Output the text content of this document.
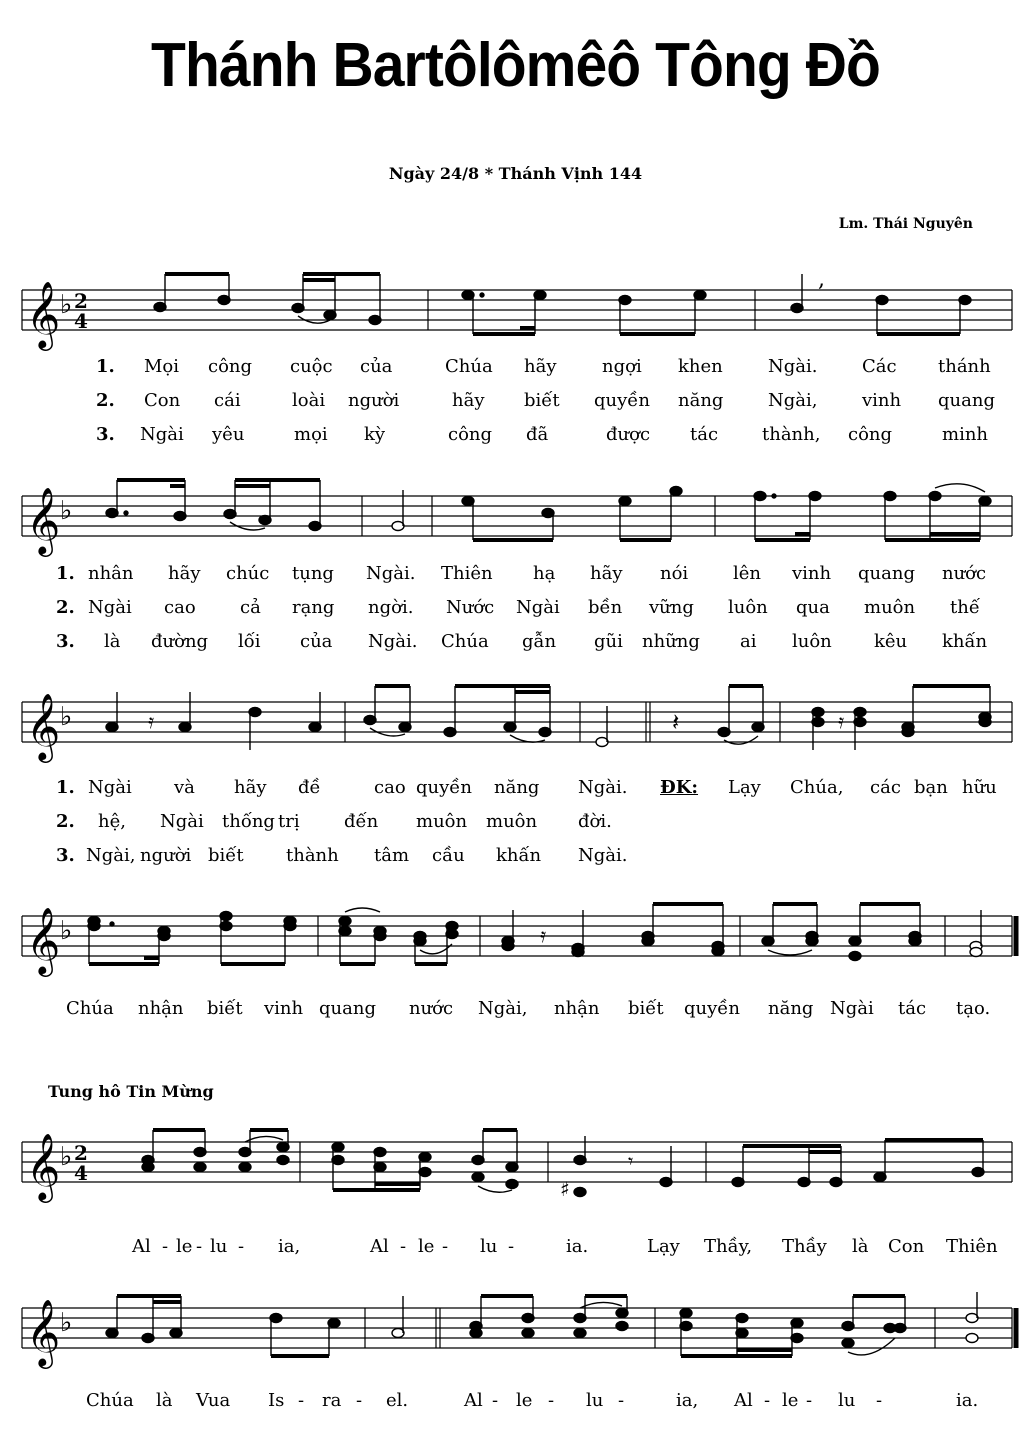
Thánh Bartôlômêô Tông Đồ
Ngày 24/8 * Thánh Vịnh 144
Lm. Thái Nguyên
𝄞 ♭ 2
4
,
1. Mọi công cuộc của	Chúa hãy	ngợi khen	Ngài. Các thánh
2. Con cái	loài người	hãy biết quyền năng Ngài, vinh quang
3. Ngài yêu	mọi kỳ	công đã	được tác thành, công	minh
𝄞 ♭
1. nhân hãy chúc tụng Ngài. Thiên hạ hãy nói lên vinh quang nước
2. Ngài cao cả rạng ngời. Nước Ngài bền vững luôn qua muôn thế
3. là đường lối của Ngài. Chúa gẫn gũi những ai luôn kêu khấn
𝄞 ♭	𝄿	𝄽	𝄿
1. Ngài và hãy đề	cao quyền năng Ngài. ĐK: Lạy Chúa, các bạn hữu
2. hệ, Ngài thống trị đến muôn muôn đời.
3. Ngài, người biết thành tâm cầu khấn Ngài.
𝄞 ♭	𝄿
Chúa nhận biết vinh quang nước Ngài, nhận biết quyền năng Ngài tác tạo.
Tung hô Tin Mừng
𝄞 ♭ 2
4
♯
𝄾
Al - le - lu - ia,	Al - le - lu -	ia.	Lạy Thầy, Thầy là Con Thiên
𝄞 ♭
Chúa là Vua Is - ra - el.	Al - le - lu -	ia, Al - le - lu -	ia.
